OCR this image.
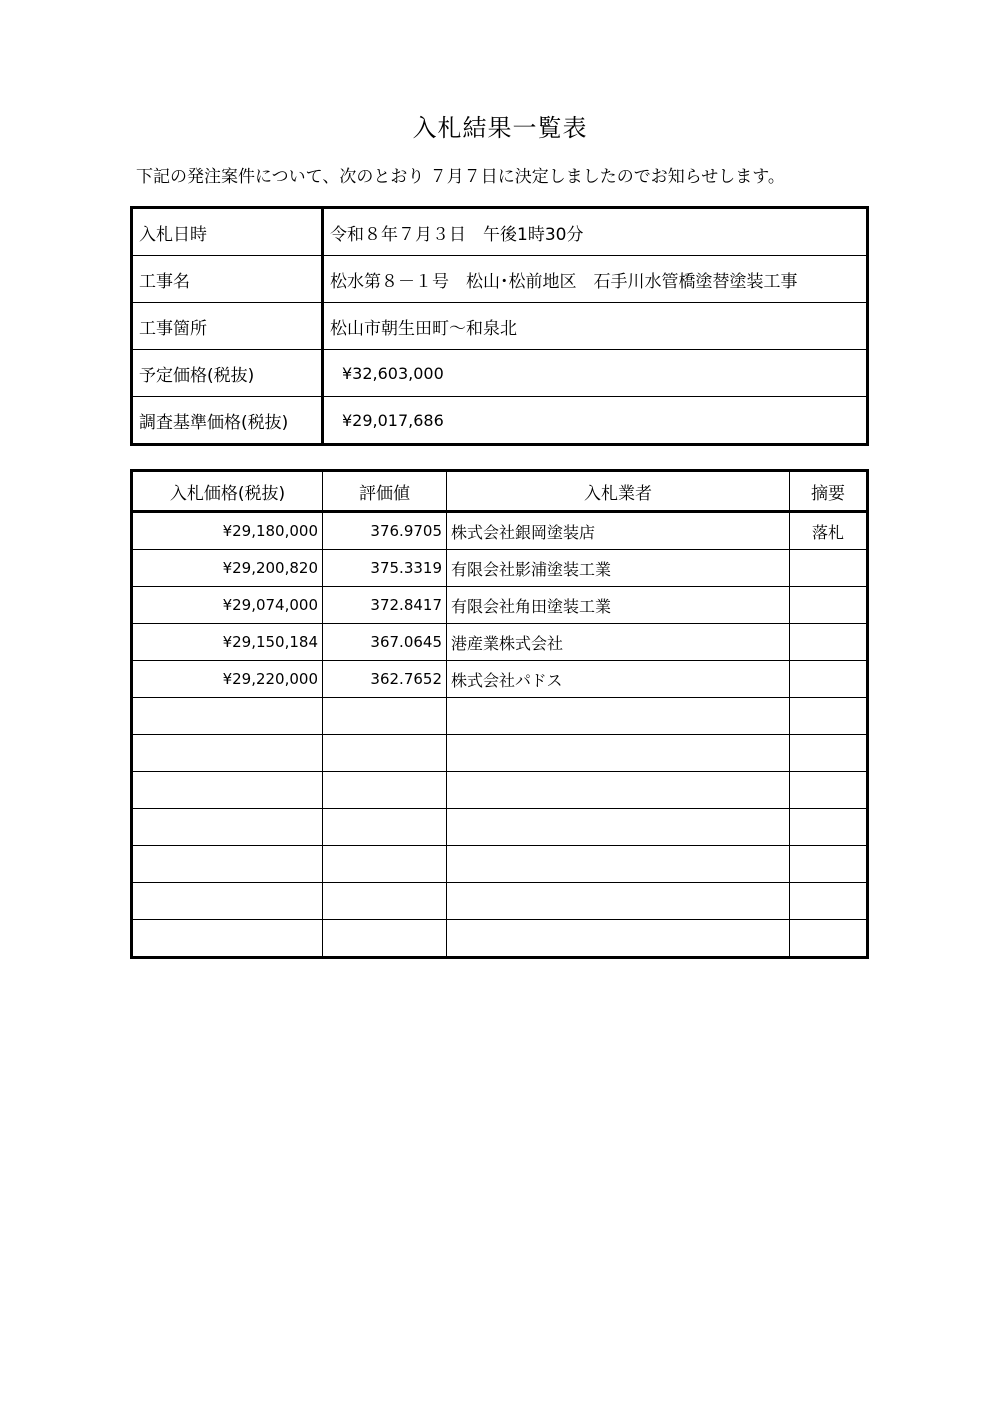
入札結果一覧表
下記の発注案件について、次のとおり ７月７日に決定しましたのでお知らせします。
入札日時	令和８年７月３日　午後1時30分
工事名	松水第８－１号　松山･松前地区　石手川水管橋塗替塗装工事
工事箇所	松山市朝生田町～和泉北
予定価格(税抜)	¥32,603,000
調査基準価格(税抜)	¥29,017,686
入札価格(税抜)	評価値	入札業者	摘要
¥29,180,000	376.9705	株式会社銀岡塗装店	落札
¥29,200,820	375.3319	有限会社影浦塗装工業	
¥29,074,000	372.8417	有限会社角田塗装工業	
¥29,150,184	367.0645	港産業株式会社	
¥29,220,000	362.7652	株式会社パドス	
